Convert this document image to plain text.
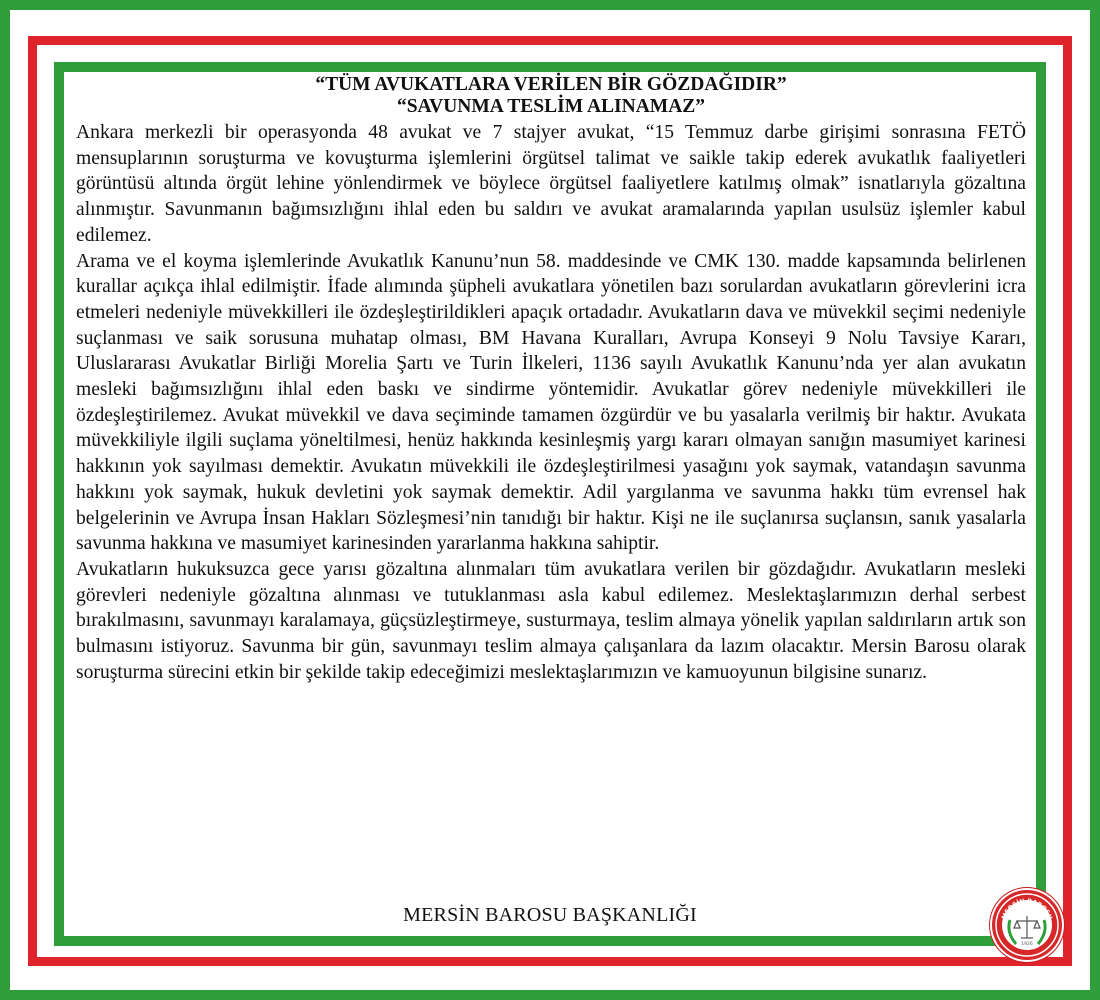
“TÜM AVUKATLARA VERİLEN BİR GÖZDAĞIDIR”
“SAVUNMA TESLİM ALINAMAZ”

Ankara merkezli bir operasyonda 48 avukat ve 7 stajyer avukat, “15 Temmuz darbe girişimi sonrasına FETÖ mensuplarının soruşturma ve kovuşturma işlemlerini örgütsel talimat ve saikle takip ederek avukatlık faaliyetleri görüntüsü altında örgüt lehine yönlendirmek ve böylece örgütsel faaliyetlere katılmış olmak” isnatlarıyla gözaltına alınmıştır. Savunmanın bağımsızlığını ihlal eden bu saldırı ve avukat aramalarında yapılan usulsüz işlemler kabul edilemez.

Arama ve el koyma işlemlerinde Avukatlık Kanunu’nun 58. maddesinde ve CMK 130. madde kapsamında belirlenen kurallar açıkça ihlal edilmiştir. İfade alımında şüpheli avukatlara yönetilen bazı sorulardan avukatların görevlerini icra etmeleri nedeniyle müvekkilleri ile özdeşleştirildikleri apaçık ortadadır. Avukatların dava ve müvekkil seçimi nedeniyle suçlanması ve saik sorusuna muhatap olması, BM Havana Kuralları, Avrupa Konseyi 9 Nolu Tavsiye Kararı, Uluslararası Avukatlar Birliği Morelia Şartı ve Turin İlkeleri, 1136 sayılı Avukatlık Kanunu’nda yer alan avukatın mesleki bağımsızlığını ihlal eden baskı ve sindirme yöntemidir. Avukatlar görev nedeniyle müvekkilleri ile özdeşleştirilemez. Avukat müvekkil ve dava seçiminde tamamen özgürdür ve bu yasalarla verilmiş bir haktır. Avukata müvekkiliyle ilgili suçlama yöneltilmesi, henüz hakkında kesinleşmiş yargı kararı olmayan sanığın masumiyet karinesi hakkının yok sayılması demektir. Avukatın müvekkili ile özdeşleştirilmesi yasağını yok saymak, vatandaşın savunma hakkını yok saymak, hukuk devletini yok saymak demektir. Adil yargılanma ve savunma hakkı tüm evrensel hak belgelerinin ve Avrupa İnsan Hakları Sözleşmesi’nin tanıdığı bir haktır. Kişi ne ile suçlanırsa suçlansın, sanık yasalarla savunma hakkına ve masumiyet karinesinden yararlanma hakkına sahiptir.

Avukatların hukuksuzca gece yarısı gözaltına alınmaları tüm avukatlara verilen bir gözdağıdır. Avukatların mesleki görevleri nedeniyle gözaltına alınması ve tutuklanması asla kabul edilemez. Meslektaşlarımızın derhal serbest bırakılmasını, savunmayı karalamaya, güçsüzleştirmeye, susturmaya, teslim almaya yönelik yapılan saldırıların artık son bulmasını istiyoruz. Savunma bir gün, savunmayı teslim almaya çalışanlara da lazım olacaktır. Mersin Barosu olarak soruşturma sürecini etkin bir şekilde takip edeceğimizi meslektaşlarımızın ve kamuoyunun bilgisine sunarız.

MERSİN BAROSU BAŞKANLIĞI	MERSİN BAROSU
1926
